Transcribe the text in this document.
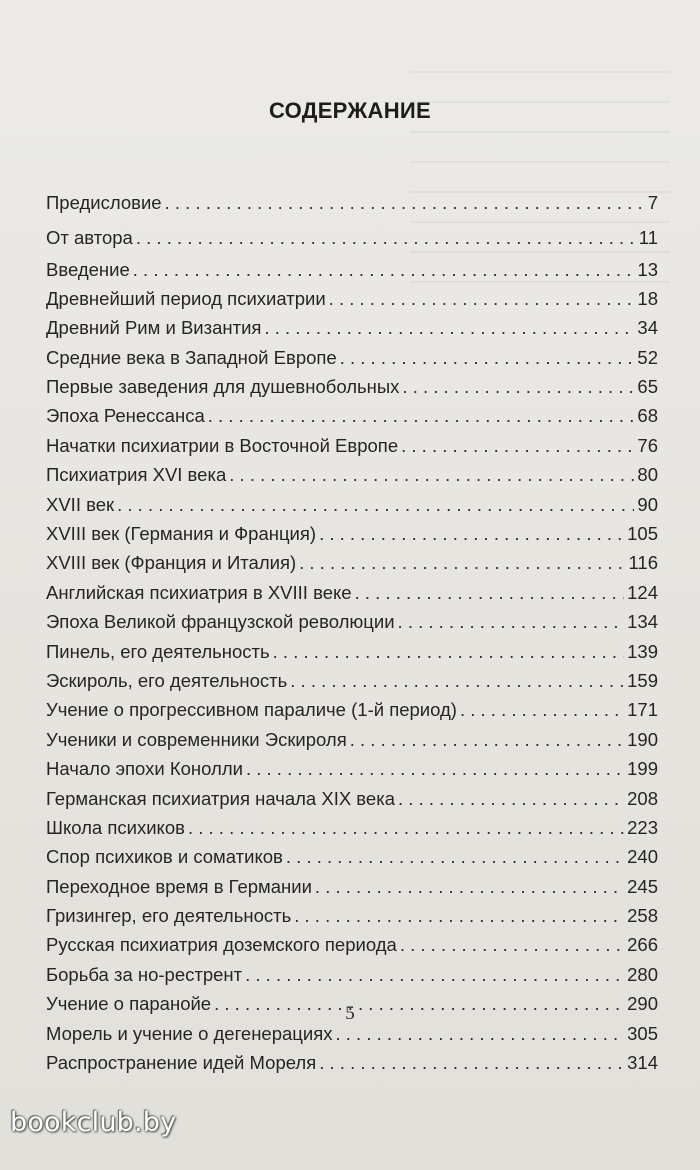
СОДЕРЖАНИЕ
Предисловие . . .	7
От автора . . .	11
Введение . . .	13
Древнейший период психиатрии . . .	18
Древний Рим и Византия . . .	34
Средние века в Западной Европе . . .	52
Первые заведения для душевнобольных . . .	65
Эпоха Ренессанса . . .	68
Начатки психиатрии в Восточной Европе . . .	76
Психиатрия XVI века . . .	80
XVII век . . .	90
XVIII век (Германия и Франция) . . .	105
XVIII век (Франция и Италия) . . .	116
Английская психиатрия в XVIII веке . . .	124
Эпоха Великой французской революции . . .	134
Пинель, его деятельность . . .	139
Эскироль, его деятельность . . .	159
Учение о прогрессивном параличе (1-й период) . . .	171
Ученики и современники Эскироля . . .	190
Начало эпохи Конолли . . .	199
Германская психиатрия начала XIX века . . .	208
Школа психиков . . .	223
Спор психиков и соматиков . . .	240
Переходное время в Германии . . .	245
Гризингер, его деятельность . . .	258
Русская психиатрия доземского периода . . .	266
Борьба за но-рестрент . . .	280
Учение о паранойе . . .	290
Морель и учение о дегенерациях . . .	305
Распространение идей Мореля . . .	314
5
bookclub.by
